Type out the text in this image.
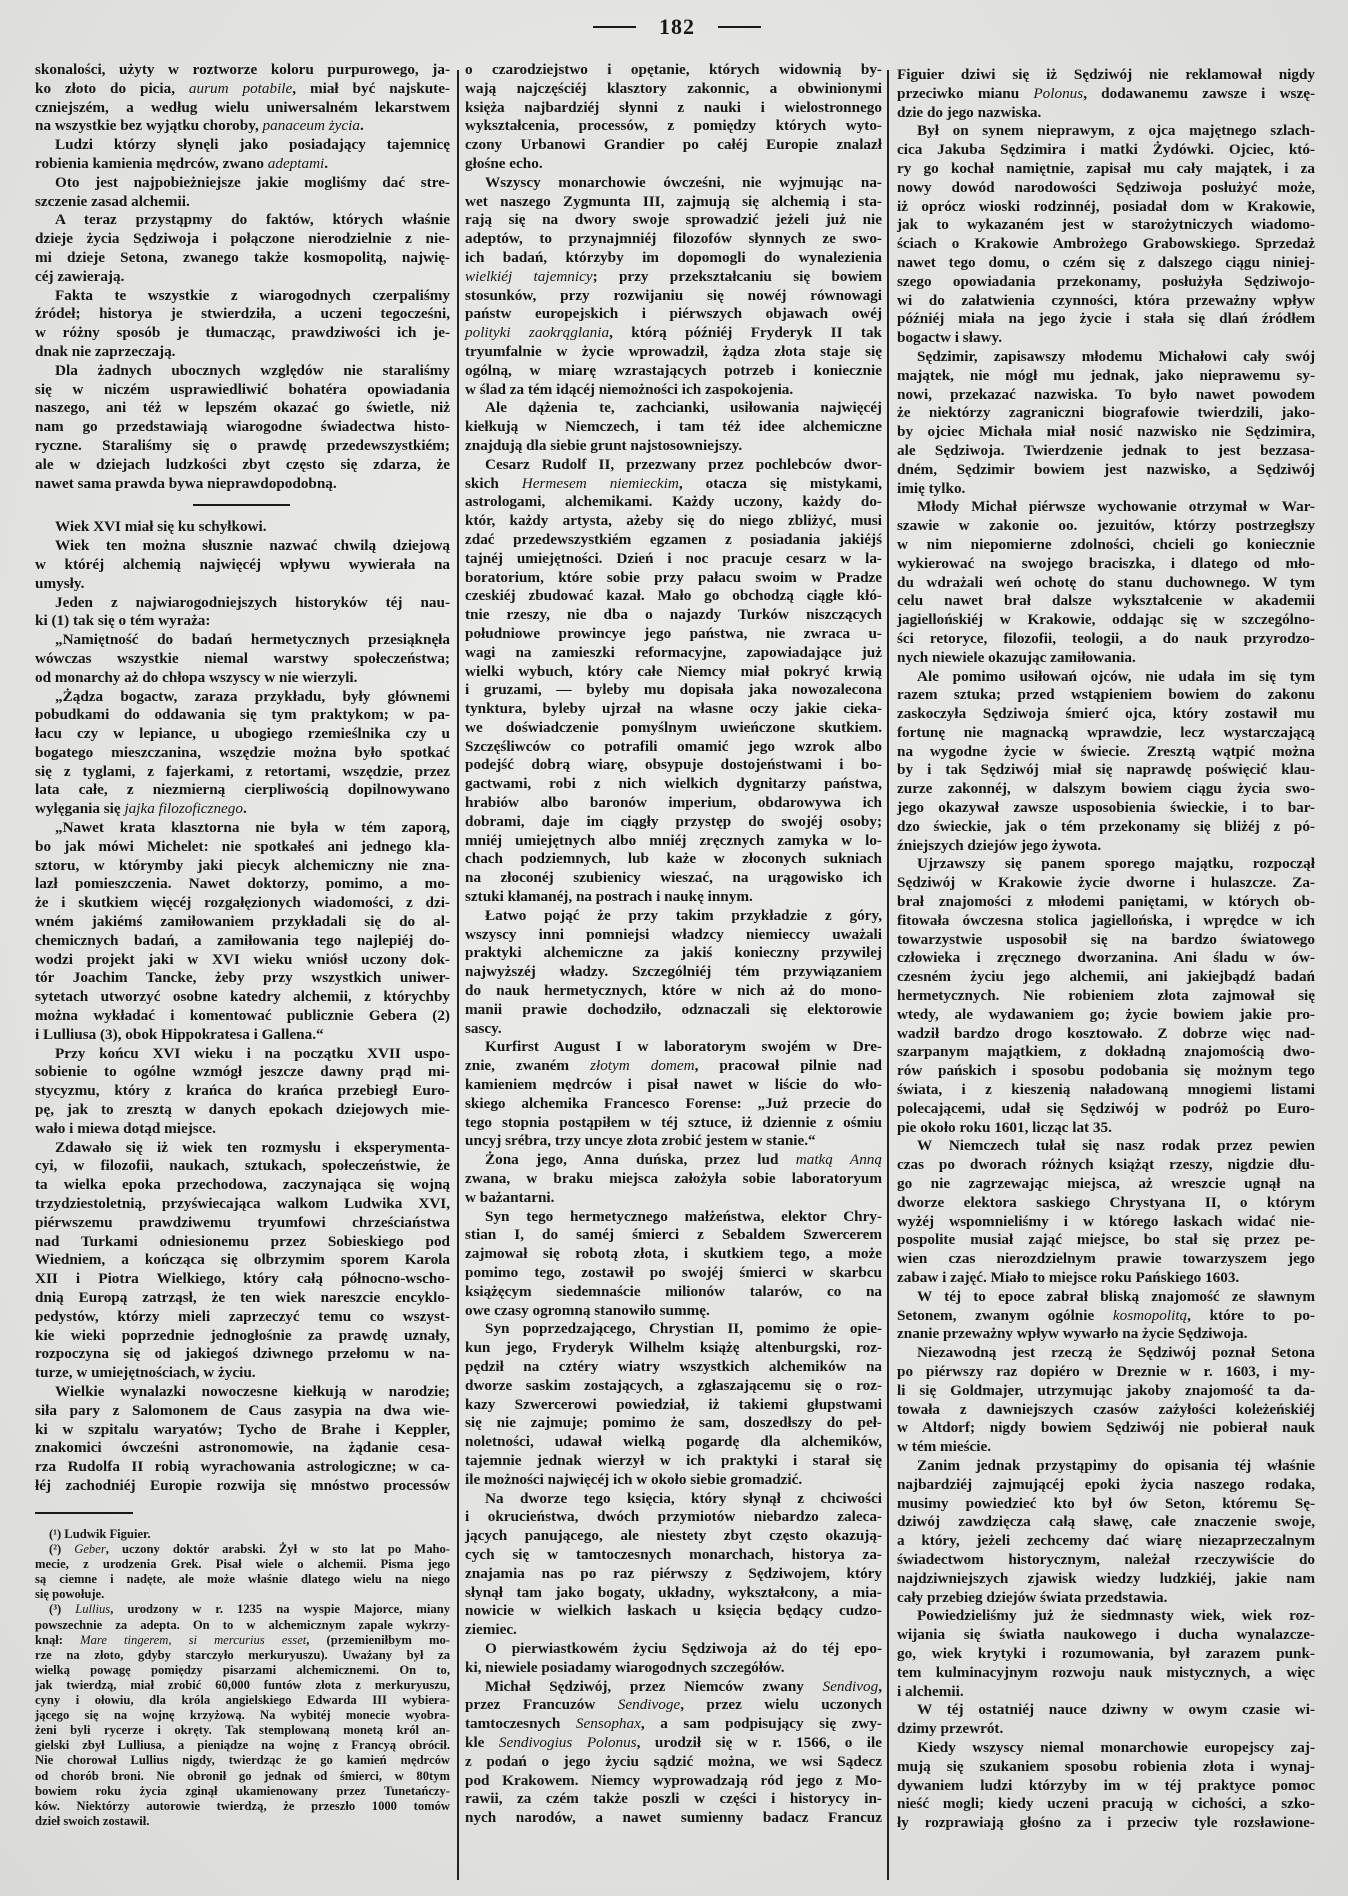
182
skonalości, użyty w roztworze koloru purpurowego, ja-
ko złoto do picia, aurum potabile, miał być najskute-
czniejszém, a według wielu uniwersalném lekarstwem
na wszystkie bez wyjątku choroby, panaceum życia.
Ludzi którzy słynęli jako posiadający tajemnicę
robienia kamienia mędrców, zwano adeptami.
Oto jest najpobieżniejsze jakie mogliśmy dać stre-
szczenie zasad alchemii.
A teraz przystąpmy do faktów, których właśnie
dzieje życia Sędziwoja i połączone nierodzielnie z nie-
mi dzieje Setona, zwanego także kosmopolitą, najwię-
céj zawierają.
Fakta te wszystkie z wiarogodnych czerpaliśmy
źródeł; historya je stwierdziła, a uczeni tegocześni,
w różny sposób je tłumacząc, prawdziwości ich je-
dnak nie zaprzeczają.
Dla żadnych ubocznych względów nie staraliśmy
się w niczém usprawiedliwić bohatéra opowiadania
naszego, ani téż w lepszém okazać go świetle, niż
nam go przedstawiają wiarogodne świadectwa histo-
ryczne. Staraliśmy się o prawdę przedewszystkiém;
ale w dziejach ludzkości zbyt często się zdarza, że
nawet sama prawda bywa nieprawdopodobną.
Wiek XVI miał się ku schyłkowi.
Wiek ten można słusznie nazwać chwilą dziejową
w któréj alchemią najwięcéj wpływu wywierała na
umysły.
Jeden z najwiarogodniejszych historyków téj nau-
ki (1) tak się o tém wyraża:
„Namiętność do badań hermetycznych przesiąknęła
wówczas wszystkie niemal warstwy społeczeństwa;
od monarchy aż do chłopa wszyscy w nie wierzyli.
„Żądza bogactw, zaraza przykładu, były głównemi
pobudkami do oddawania się tym praktykom; w pa-
łacu czy w lepiance, u ubogiego rzemieślnika czy u
bogatego mieszczanina, wszędzie można było spotkać
się z tyglami, z fajerkami, z retortami, wszędzie, przez
lata całe, z niezmierną cierpliwością dopilnowywano
wylęgania się jajka filozoficznego.
„Nawet krata klasztorna nie była w tém zaporą,
bo jak mówi Michelet: nie spotkałeś ani jednego kla-
sztoru, w którymby jaki piecyk alchemiczny nie zna-
lazł pomieszczenia. Nawet doktorzy, pomimo, a mo-
że i skutkiem więcéj rozgałęzionych wiadomości, z dzi-
wném jakiémś zamiłowaniem przykładali się do al-
chemicznych badań, a zamiłowania tego najlepiéj do-
wodzi projekt jaki w XVI wieku wniósł uczony dok-
tór Joachim Tancke, żeby przy wszystkich uniwer-
sytetach utworzyć osobne katedry alchemii, z którychby
można wykładać i komentować publicznie Gebera (2)
i Lulliusa (3), obok Hippokratesa i Gallena.“
Przy końcu XVI wieku i na początku XVII uspo-
sobienie to ogólne wzmógł jeszcze dawny prąd mi-
stycyzmu, który z krańca do krańca przebiegł Euro-
pę, jak to zresztą w danych epokach dziejowych mie-
wało i miewa dotąd miejsce.
Zdawało się iż wiek ten rozmysłu i eksperymenta-
cyi, w filozofii, naukach, sztukach, społeczeństwie, że
ta wielka epoka przechodowa, zaczynająca się wojną
trzydziestoletnią, przyświecająca walkom Ludwika XVI,
piérwszemu prawdziwemu tryumfowi chrześciaństwa
nad Turkami odniesionemu przez Sobieskiego pod
Wiedniem, a kończąca się olbrzymim sporem Karola
XII i Piotra Wielkiego, który całą północno-wscho-
dnią Europą zatrząsł, że ten wiek nareszcie encyklo-
pedystów, którzy mieli zaprzeczyć temu co wszyst-
kie wieki poprzednie jednogłośnie za prawdę uznały,
rozpoczyna się od jakiegoś dziwnego przełomu w na-
turze, w umiejętnościach, w życiu.
Wielkie wynalazki nowoczesne kiełkują w narodzie;
siła pary z Salomonem de Caus zasypia na dwa wie-
ki w szpitalu waryatów; Tycho de Brahe i Keppler,
znakomici ówcześni astronomowie, na żądanie cesa-
rza Rudolfa II robią wyrachowania astrologiczne; w ca-
łéj zachodniéj Europie rozwija się mnóstwo processów
o czarodziejstwo i opętanie, których widownią by-
wają najczęściéj klasztory zakonnic, a obwinionymi
księża najbardziéj słynni z nauki i wielostronnego
wykształcenia, processów, z pomiędzy których wyto-
czony Urbanowi Grandier po całéj Europie znalazł
głośne echo.
Wszyscy monarchowie ówcześni, nie wyjmując na-
wet naszego Zygmunta III, zajmują się alchemią i sta-
rają się na dwory swoje sprowadzić jeżeli już nie
adeptów, to przynajmniéj filozofów słynnych ze swo-
ich badań, którzyby im dopomogli do wynalezienia
wielkiéj tajemnicy; przy przekształcaniu się bowiem
stosunków, przy rozwijaniu się nowéj równowagi
państw europejskich i piérwszych objawach owéj
polityki zaokrąglania, którą późniéj Fryderyk II tak
tryumfalnie w życie wprowadził, żądza złota staje się
ogólną, w miarę wzrastających potrzeb i koniecznie
w ślad za tém idącéj niemożności ich zaspokojenia.
Ale dążenia te, zachcianki, usiłowania najwięcéj
kiełkują w Niemczech, i tam téż idee alchemiczne
znajdują dla siebie grunt najstosowniejszy.
Cesarz Rudolf II, przezwany przez pochlebców dwor-
skich Hermesem niemieckim, otacza się mistykami,
astrologami, alchemikami. Każdy uczony, każdy do-
któr, każdy artysta, ażeby się do niego zbliżyć, musi
zdać przedewszystkiém egzamen z posiadania jakiéjś
tajnéj umiejętności. Dzień i noc pracuje cesarz w la-
boratorium, które sobie przy pałacu swoim w Pradze
czeskiéj zbudować kazał. Mało go obchodzą ciągłe kłó-
tnie rzeszy, nie dba o najazdy Turków niszczących
południowe prowincye jego państwa, nie zwraca u-
wagi na zamieszki reformacyjne, zapowiadające już
wielki wybuch, który całe Niemcy miał pokryć krwią
i gruzami, — byleby mu dopisała jaka nowozalecona
tynktura, byleby ujrzał na własne oczy jakie cieka-
we doświadczenie pomyślnym uwieńczone skutkiem.
Szczęśliwców co potrafili omamić jego wzrok albo
podejść dobrą wiarę, obsypuje dostojeństwami i bo-
gactwami, robi z nich wielkich dygnitarzy państwa,
hrabiów albo baronów imperium, obdarowywa ich
dobrami, daje im ciągły przystęp do swojéj osoby;
mniéj umiejętnych albo mniéj zręcznych zamyka w lo-
chach podziemnych, lub każe w złoconych sukniach
na złoconéj szubienicy wieszać, na urągowisko ich
sztuki kłamanéj, na postrach i naukę innym.
Łatwo pojąć że przy takim przykładzie z góry,
wszyscy inni pomniejsi władzcy niemieccy uważali
praktyki alchemiczne za jakiś konieczny przywilej
najwyższéj władzy. Szczególniéj tém przywiązaniem
do nauk hermetycznych, które w nich aż do mono-
manii prawie dochodziło, odznaczali się elektorowie
sascy.
Kurfirst August I w laboratorym swojém w Dre-
znie, zwaném złotym domem, pracował pilnie nad
kamieniem mędrców i pisał nawet w liście do wło-
skiego alchemika Francesco Forense: „Już przecie do
tego stopnia postąpiłem w téj sztuce, iż dziennie z ośmiu
uncyj srébra, trzy uncye złota zrobić jestem w stanie.“
Żona jego, Anna duńska, przez lud matką Anną
zwana, w braku miejsca założyła sobie laboratoryum
w bażantarni.
Syn tego hermetycznego małżeństwa, elektor Chry-
stian I, do saméj śmierci z Sebaldem Szwercerem
zajmował się robotą złota, i skutkiem tego, a może
pomimo tego, zostawił po swojéj śmierci w skarbcu
książęcym siedemnaście milionów talarów, co na
owe czasy ogromną stanowiło summę.
Syn poprzedzającego, Chrystian II, pomimo że opie-
kun jego, Fryderyk Wilhelm książę altenburgski, roz-
pędził na cztéry wiatry wszystkich alchemików na
dworze saskim zostających, a zgłaszającemu się o roz-
kazy Szwercerowi powiedział, iż takiemi głupstwami
się nie zajmuje; pomimo że sam, doszedłszy do peł-
noletności, udawał wielką pogardę dla alchemików,
tajemnie jednak wierzył w ich praktyki i starał się
ile możności najwięcéj ich w około siebie gromadzić.
Na dworze tego księcia, który słynął z chciwości
i okrucieństwa, dwóch przymiotów niebardzo zaleca-
jących panującego, ale niestety zbyt często okazują-
cych się w tamtoczesnych monarchach, historya za-
znajamia nas po raz piérwszy z Sędziwojem, który
słynął tam jako bogaty, układny, wykształcony, a mia-
nowicie w wielkich łaskach u księcia będący cudzo-
ziemiec.
O pierwiastkowém życiu Sędziwoja aż do téj epo-
ki, niewiele posiadamy wiarogodnych szczegółów.
Michał Sędziwój, przez Niemców zwany Sendivog,
przez Francuzów Sendivoge, przez wielu uczonych
tamtoczesnych Sensophax, a sam podpisujący się zwy-
kle Sendivogius Polonus, urodził się w r. 1566, o ile
z podań o jego życiu sądzić można, we wsi Sądecz
pod Krakowem. Niemcy wyprowadzają ród jego z Mo-
rawii, za czém także poszli w części i historycy in-
nych narodów, a nawet sumienny badacz Francuz
Figuier dziwi się iż Sędziwój nie reklamował nigdy
przeciwko mianu Polonus, dodawanemu zawsze i wszę-
dzie do jego nazwiska.
Był on synem nieprawym, z ojca majętnego szlach-
cica Jakuba Sędzimira i matki Żydówki. Ojciec, któ-
ry go kochał namiętnie, zapisał mu cały majątek, i za
nowy dowód narodowości Sędziwoja posłużyć może,
iż oprócz wioski rodzinnéj, posiadał dom w Krakowie,
jak to wykazaném jest w starożytniczych wiadomo-
ściach o Krakowie Ambrożego Grabowskiego. Sprzedaż
nawet tego domu, o czém się z dalszego ciągu niniej-
szego opowiadania przekonamy, posłużyła Sędziwojo-
wi do załatwienia czynności, która przeważny wpływ
późniéj miała na jego życie i stała się dlań źródłem
bogactw i sławy.
Sędzimir, zapisawszy młodemu Michałowi cały swój
majątek, nie mógł mu jednak, jako nieprawemu sy-
nowi, przekazać nazwiska. To było nawet powodem
że niektórzy zagraniczni biografowie twierdzili, jako-
by ojciec Michała miał nosić nazwisko nie Sędzimira,
ale Sędziwoja. Twierdzenie jednak to jest bezzasa-
dném, Sędzimir bowiem jest nazwisko, a Sędziwój
imię tylko.
Młody Michał piérwsze wychowanie otrzymał w War-
szawie w zakonie oo. jezuitów, którzy postrzegłszy
w nim niepomierne zdolności, chcieli go koniecznie
wykierować na swojego braciszka, i dlatego od mło-
du wdrażali weń ochotę do stanu duchownego. W tym
celu nawet brał dalsze wykształcenie w akademii
jagiellońskiéj w Krakowie, oddając się w szczególno-
ści retoryce, filozofii, teologii, a do nauk przyrodzo-
nych niewiele okazując zamiłowania.
Ale pomimo usiłowań ojców, nie udała im się tym
razem sztuka; przed wstąpieniem bowiem do zakonu
zaskoczyła Sędziwoja śmierć ojca, który zostawił mu
fortunę nie magnacką wprawdzie, lecz wystarczającą
na wygodne życie w świecie. Zresztą wątpić można
by i tak Sędziwój miał się naprawdę poświęcić klau-
zurze zakonnéj, w dalszym bowiem ciągu życia swo-
jego okazywał zawsze usposobienia świeckie, i to bar-
dzo świeckie, jak o tém przekonamy się bliżéj z pó-
źniejszych dziejów jego żywota.
Ujrzawszy się panem sporego majątku, rozpoczął
Sędziwój w Krakowie życie dworne i hulaszcze. Za-
brał znajomości z młodemi paniętami, w których ob-
fitowała ówczesna stolica jagiellońska, i wprędce w ich
towarzystwie usposobił się na bardzo światowego
człowieka i zręcznego dworzanina. Ani śladu w ów-
czesném życiu jego alchemii, ani jakiejbądź badań
hermetycznych. Nie robieniem złota zajmował się
wtedy, ale wydawaniem go; życie bowiem jakie pro-
wadził bardzo drogo kosztowało. Z dobrze więc nad-
szarpanym majątkiem, z dokładną znajomością dwo-
rów pańskich i sposobu podobania się możnym tego
świata, i z kieszenią naładowaną mnogiemi listami
polecającemi, udał się Sędziwój w podróż po Euro-
pie około roku 1601, licząc lat 35.
W Niemczech tułał się nasz rodak przez pewien
czas po dworach różnych książąt rzeszy, nigdzie dłu-
go nie zagrzewając miejsca, aż wreszcie ugnął na
dworze elektora saskiego Chrystyana II, o którym
wyżéj wspomnieliśmy i w którego łaskach widać nie-
pospolite musiał zająć miejsce, bo stał się przez pe-
wien czas nierozdzielnym prawie towarzyszem jego
zabaw i zajęć. Miało to miejsce roku Pańskiego 1603.
W téj to epoce zabrał bliską znajomość ze sławnym
Setonem, zwanym ogólnie kosmopolitą, które to po-
znanie przeważny wpływ wywarło na życie Sędziwoja.
Niezawodną jest rzeczą że Sędziwój poznał Setona
po piérwszy raz dopiéro w Dreznie w r. 1603, i my-
li się Goldmajer, utrzymując jakoby znajomość ta da-
towała z dawniejszych czasów zażyłości koleżeńskiéj
w Altdorf; nigdy bowiem Sędziwój nie pobierał nauk
w tém mieście.
Zanim jednak przystąpimy do opisania téj właśnie
najbardziéj zajmującéj epoki życia naszego rodaka,
musimy powiedzieć kto był ów Seton, któremu Sę-
dziwój zawdzięcza całą sławę, całe znaczenie swoje,
a który, jeżeli zechcemy dać wiarę niezaprzeczalnym
świadectwom historycznym, należał rzeczywiście do
najdziwniejszych zjawisk wiedzy ludzkiéj, jakie nam
cały przebieg dziejów świata przedstawia.
Powiedzieliśmy już że siedmnasty wiek, wiek roz-
wijania się światła naukowego i ducha wynalazcze-
go, wiek krytyki i rozumowania, był zarazem punk-
tem kulminacyjnym rozwoju nauk mistycznych, a więc
i alchemii.
W téj ostatniéj nauce dziwny w owym czasie wi-
dzimy przewrót.
Kiedy wszyscy niemal monarchowie europejscy zaj-
mują się szukaniem sposobu robienia złota i wynaj-
dywaniem ludzi którzyby im w téj praktyce pomoc
nieść mogli; kiedy uczeni pracują w cichości, a szko-
ły rozprawiają głośno za i przeciw tyle rozsławione-
(¹) Ludwik Figuier.
(²) Geber, uczony doktór arabski. Żył w sto lat po Maho-
mecie, z urodzenia Grek. Pisał wiele o alchemii. Pisma jego
są ciemne i nadęte, ale może właśnie dlatego wielu na niego
się powołuje.
(³) Lullius, urodzony w r. 1235 na wyspie Majorce, miany
powszechnie za adepta. On to w alchemicznym zapale wykrzy-
knął: Mare tingerem, si mercurius esset, (przemieniłbym mo-
rze na złoto, gdyby starczyło merkuryuszu). Uważany był za
wielką powagę pomiędzy pisarzami alchemicznemi. On to,
jak twierdzą, miał zrobić 60,000 funtów złota z merkuryuszu,
cyny i ołowiu, dla króla angielskiego Edwarda III wybiera-
jącego się na wojnę krzyżową. Na wybitéj monecie wyobra-
żeni byli rycerze i okręty. Tak stemplowaną monetą król an-
gielski zbył Lulliusa, a pieniądze na wojnę z Francyą obrócił.
Nie chorował Lullius nigdy, twierdząc że go kamień mędrców
od chorób broni. Nie obronił go jednak od śmierci, w 80tym
bowiem roku życia zginął ukamienowany przez Tunetańczy-
ków. Niektórzy autorowie twierdzą, że przeszło 1000 tomów
dzieł swoich zostawił.
